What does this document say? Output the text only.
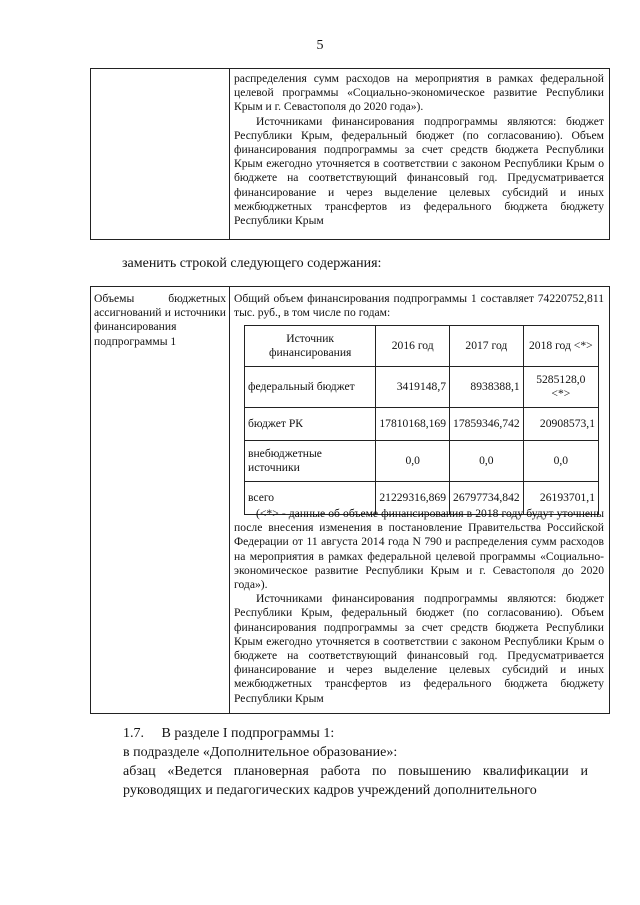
5

распределения сумм расходов на мероприятия в рамках федеральной целевой программы «Социально-экономическое развитие Республики Крым и г. Севастополя до 2020 года»).

Источниками финансирования подпрограммы являются: бюджет Республики Крым, федеральный бюджет (по согласованию). Объем финансирования подпрограммы за счет средств бюджета Республики Крым ежегодно уточняется в соответствии с законом Республики Крым о бюджете на соответствующий финансовый год. Предусматривается финансирование и через выделение целевых субсидий и иных межбюджетных трансфертов из федерального бюджета бюджету Республики Крым

заменить строкой следующего содержания:

Объемы бюджетных ассигнований и источники финансирования подпрограммы 1

Общий объем финансирования подпрограммы 1 составляет 74220752,811 тыс. руб., в том числе по годам:

Источник финансирования	2016 год	2017 год	2018 год <*>
федеральный бюджет	3419148,7	8938388,1	5285128,0 <*>
бюджет РК	17810168,169	17859346,742	20908573,1
внебюджетные источники	0,0	0,0	0,0
всего	21229316,869	26797734,842	26193701,1

(<*> - данные об объеме финансирования в 2018 году будут уточнены после внесения изменения в постановление Правительства Российской Федерации от 11 августа 2014 года N 790 и распределения сумм расходов на мероприятия в рамках федеральной целевой программы «Социально-экономическое развитие Республики Крым и г. Севастополя до 2020 года»).

Источниками финансирования подпрограммы являются: бюджет Республики Крым, федеральный бюджет (по согласованию). Объем финансирования подпрограммы за счет средств бюджета Республики Крым ежегодно уточняется в соответствии с законом Республики Крым о бюджете на соответствующий финансовый год. Предусматривается финансирование и через выделение целевых субсидий и иных межбюджетных трансфертов из федерального бюджета бюджету Республики Крым

1.7.     В разделе I подпрограммы 1:

в подразделе «Дополнительное образование»:

абзац «Ведется плановерная работа по повышению квалификации и руководящих и педагогических кадров учреждений дополнительного
